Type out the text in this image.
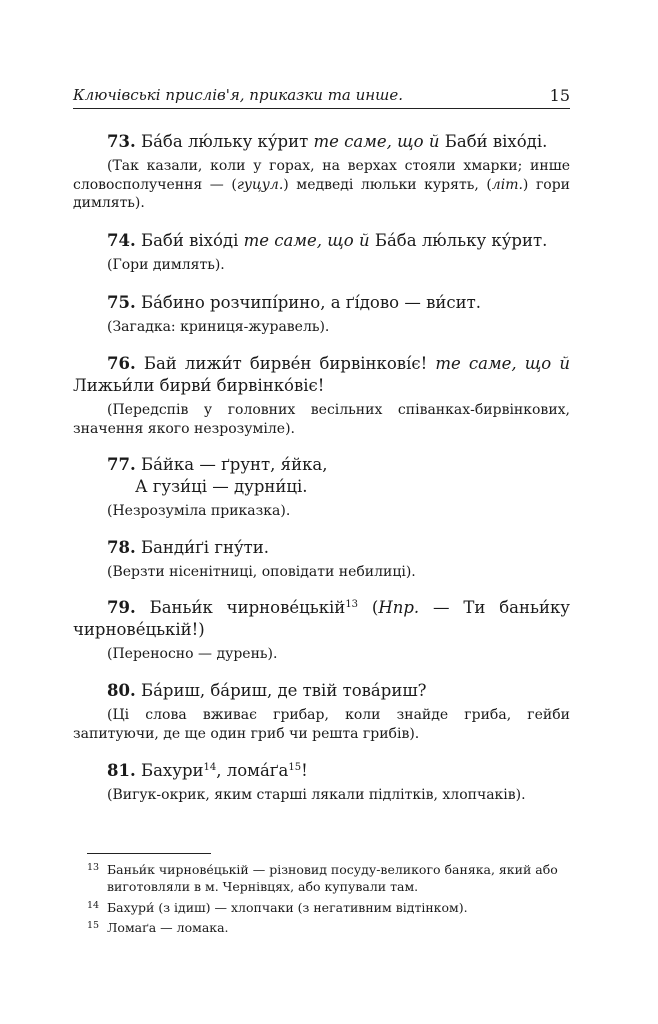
Ключівські прислів'я, приказки та инше.	15
73. Ба́ба лю́льку ку́рит те саме, що й Баби́ віхо́ді.
(Так казали, коли у горах, на верхах стояли хмарки; инше словосполучення — (гуцул.) медведі люльки курять, (літ.) гори димлять).
74. Баби́ віхо́ді те саме, що й Ба́ба лю́льку ку́рит.
(Гори димлять).
75. Ба́бино розчипі́рино, а ґі́дово — ви́сит.
(Загадка: криниця-журавель).
76. Бай лижи́т бирве́н бирвінкові́є! те саме, що й Лижьи́ли бирви́ бирвінко́віє!
(Передспів у головних весільних співанках-бирвінкових, значення якого незрозуміле).
77. Ба́йка — ґрунт, я́йка,
А гузи́ці — дурни́ці.
(Незрозуміла приказка).
78. Банди́ґі гну́ти.
(Верзти нісенітниці, оповідати небилиці).
79. Баньи́к чирнове́цькій$^{13}$ (Нпр. — Ти баньи́ку чирнове́цькій!)
(Переносно — дурень).
80. Ба́риш, ба́риш, де твій това́риш?
(Ці слова вживає грибар, коли знайде гриба, гейби запитуючи, де ще один гриб чи решта грибів).
81. Бахури$^{14}$, $лома́ґа^{15}$!
(Вигук-окрик, яким старші лякали підлітків, хлопчаків).
13 Баньи́к чирнове́цькій — різновид посуду-великого баняка, який або виготовляли в м. Чернівцях, або купували там.
14 Бахури́ (з ідиш) — хлопчаки (з негативним відтінком).
15 Ломаґа — ломака.
